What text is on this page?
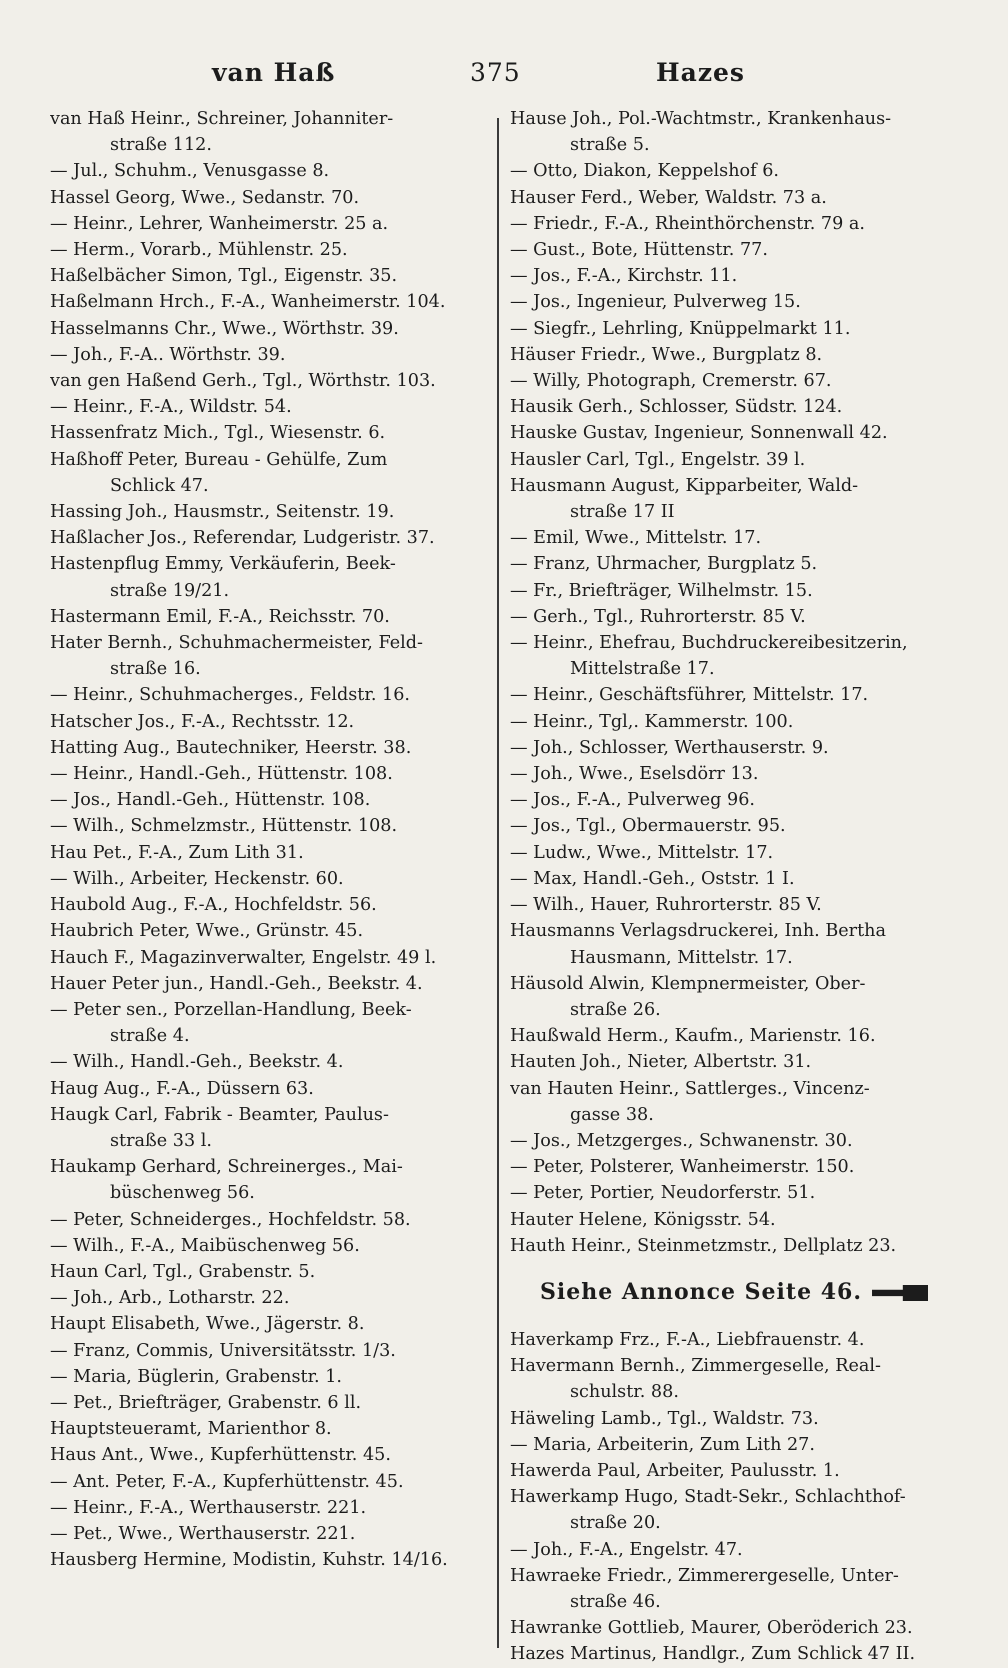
van Haß	375	Hazes
van Haß Heinr., Schreiner, Johanniter-
straße 112.
— Jul., Schuhm., Venusgasse 8.
Hassel Georg, Wwe., Sedanstr. 70.
— Heinr., Lehrer, Wanheimerstr. 25 a.
— Herm., Vorarb., Mühlenstr. 25.
Haßelbächer Simon, Tgl., Eigenstr. 35.
Haßelmann Hrch., F.-A., Wanheimerstr. 104.
Hasselmanns Chr., Wwe., Wörthstr. 39.
— Joh., F.-A.. Wörthstr. 39.
van gen Haßend Gerh., Tgl., Wörthstr. 103.
— Heinr., F.-A., Wildstr. 54.
Hassenfratz Mich., Tgl., Wiesenstr. 6.
Haßhoff Peter, Bureau - Gehülfe, Zum
Schlick 47.
Hassing Joh., Hausmstr., Seitenstr. 19.
Haßlacher Jos., Referendar, Ludgeristr. 37.
Hastenpflug Emmy, Verkäuferin, Beek-
straße 19/21.
Hastermann Emil, F.-A., Reichsstr. 70.
Hater Bernh., Schuhmachermeister, Feld-
straße 16.
— Heinr., Schuhmacherges., Feldstr. 16.
Hatscher Jos., F.-A., Rechtsstr. 12.
Hatting Aug., Bautechniker, Heerstr. 38.
— Heinr., Handl.-Geh., Hüttenstr. 108.
— Jos., Handl.-Geh., Hüttenstr. 108.
— Wilh., Schmelzmstr., Hüttenstr. 108.
Hau Pet., F.-A., Zum Lith 31.
— Wilh., Arbeiter, Heckenstr. 60.
Haubold Aug., F.-A., Hochfeldstr. 56.
Haubrich Peter, Wwe., Grünstr. 45.
Hauch F., Magazinverwalter, Engelstr. 49 l.
Hauer Peter jun., Handl.-Geh., Beekstr. 4.
— Peter sen., Porzellan-Handlung, Beek-
straße 4.
— Wilh., Handl.-Geh., Beekstr. 4.
Haug Aug., F.-A., Düssern 63.
Haugk Carl, Fabrik - Beamter, Paulus-
straße 33 l.
Haukamp Gerhard, Schreinerges., Mai-
büschenweg 56.
— Peter, Schneiderges., Hochfeldstr. 58.
— Wilh., F.-A., Maibüschenweg 56.
Haun Carl, Tgl., Grabenstr. 5.
— Joh., Arb., Lotharstr. 22.
Haupt Elisabeth, Wwe., Jägerstr. 8.
— Franz, Commis, Universitätsstr. 1/3.
— Maria, Büglerin, Grabenstr. 1.
— Pet., Briefträger, Grabenstr. 6 ll.
Hauptsteueramt, Marienthor 8.
Haus Ant., Wwe., Kupferhüttenstr. 45.
— Ant. Peter, F.-A., Kupferhüttenstr. 45.
— Heinr., F.-A., Werthauserstr. 221.
— Pet., Wwe., Werthauserstr. 221.
Hausberg Hermine, Modistin, Kuhstr. 14/16.
Hause Joh., Pol.-Wachtmstr., Krankenhaus-
straße 5.
— Otto, Diakon, Keppelshof 6.
Hauser Ferd., Weber, Waldstr. 73 a.
— Friedr., F.-A., Rheinthörchenstr. 79 a.
— Gust., Bote, Hüttenstr. 77.
— Jos., F.-A., Kirchstr. 11.
— Jos., Ingenieur, Pulverweg 15.
— Siegfr., Lehrling, Knüppelmarkt 11.
Häuser Friedr., Wwe., Burgplatz 8.
— Willy, Photograph, Cremerstr. 67.
Hausik Gerh., Schlosser, Südstr. 124.
Hauske Gustav, Ingenieur, Sonnenwall 42.
Hausler Carl, Tgl., Engelstr. 39 l.
Hausmann August, Kipparbeiter, Wald-
straße 17 II
— Emil, Wwe., Mittelstr. 17.
— Franz, Uhrmacher, Burgplatz 5.
— Fr., Briefträger, Wilhelmstr. 15.
— Gerh., Tgl., Ruhrorterstr. 85 V.
— Heinr., Ehefrau, Buchdruckereibesitzerin,
Mittelstraße 17.
— Heinr., Geschäftsführer, Mittelstr. 17.
— Heinr., Tgl,. Kammerstr. 100.
— Joh., Schlosser, Werthauserstr. 9.
— Joh., Wwe., Eselsdörr 13.
— Jos., F.-A., Pulverweg 96.
— Jos., Tgl., Obermauerstr. 95.
— Ludw., Wwe., Mittelstr. 17.
— Max, Handl.-Geh., Oststr. 1 I.
— Wilh., Hauer, Ruhrorterstr. 85 V.
Hausmanns Verlagsdruckerei, Inh. Bertha
Hausmann, Mittelstr. 17.
Häusold Alwin, Klempnermeister, Ober-
straße 26.
Haußwald Herm., Kaufm., Marienstr. 16.
Hauten Joh., Nieter, Albertstr. 31.
van Hauten Heinr., Sattlerges., Vincenz-
gasse 38.
— Jos., Metzgerges., Schwanenstr. 30.
— Peter, Polsterer, Wanheimerstr. 150.
— Peter, Portier, Neudorferstr. 51.
Hauter Helene, Königsstr. 54.
Hauth Heinr., Steinmetzmstr., Dellplatz 23.
Siehe Annonce Seite 46.
Haverkamp Frz., F.-A., Liebfrauenstr. 4.
Havermann Bernh., Zimmergeselle, Real-
schulstr. 88.
Häweling Lamb., Tgl., Waldstr. 73.
— Maria, Arbeiterin, Zum Lith 27.
Hawerda Paul, Arbeiter, Paulusstr. 1.
Hawerkamp Hugo, Stadt-Sekr., Schlachthof-
straße 20.
— Joh., F.-A., Engelstr. 47.
Hawraeke Friedr., Zimmerergeselle, Unter-
straße 46.
Hawranke Gottlieb, Maurer, Oberöderich 23.
Hazes Martinus, Handlgr., Zum Schlick 47 II.
